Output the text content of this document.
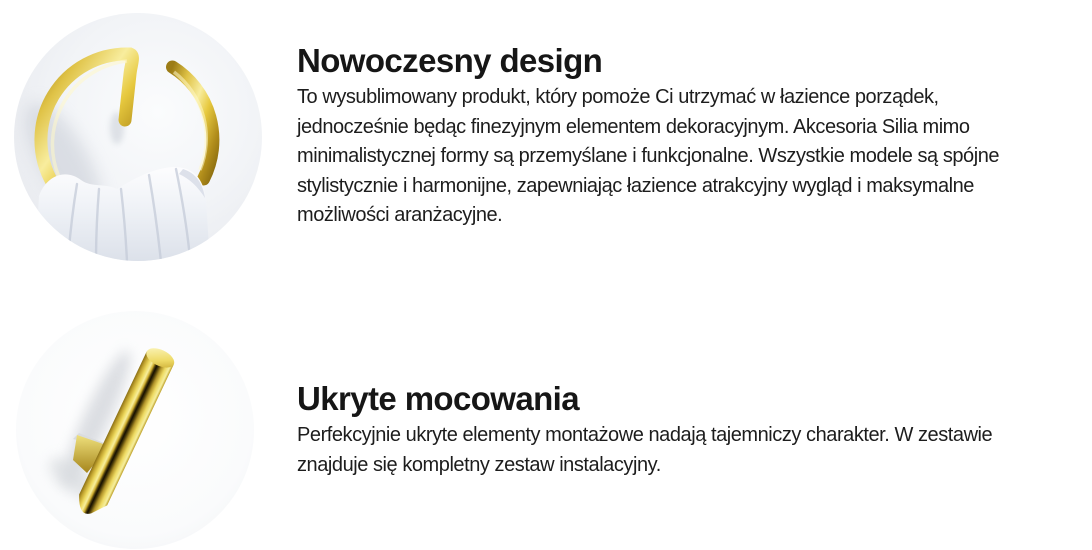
Nowoczesny design
To wysublimowany produkt, który pomoże Ci utrzymać w łazience porządek,
jednocześnie będąc finezyjnym elementem dekoracyjnym. Akcesoria Silia mimo
minimalistycznej formy są przemyślane i funkcjonalne. Wszystkie modele są spójne
stylistycznie i harmonijne, zapewniając łazience atrakcyjny wygląd i maksymalne
możliwości aranżacyjne.
Ukryte mocowania
Perfekcyjnie ukryte elementy montażowe nadają tajemniczy charakter. W zestawie
znajduje się kompletny zestaw instalacyjny.
